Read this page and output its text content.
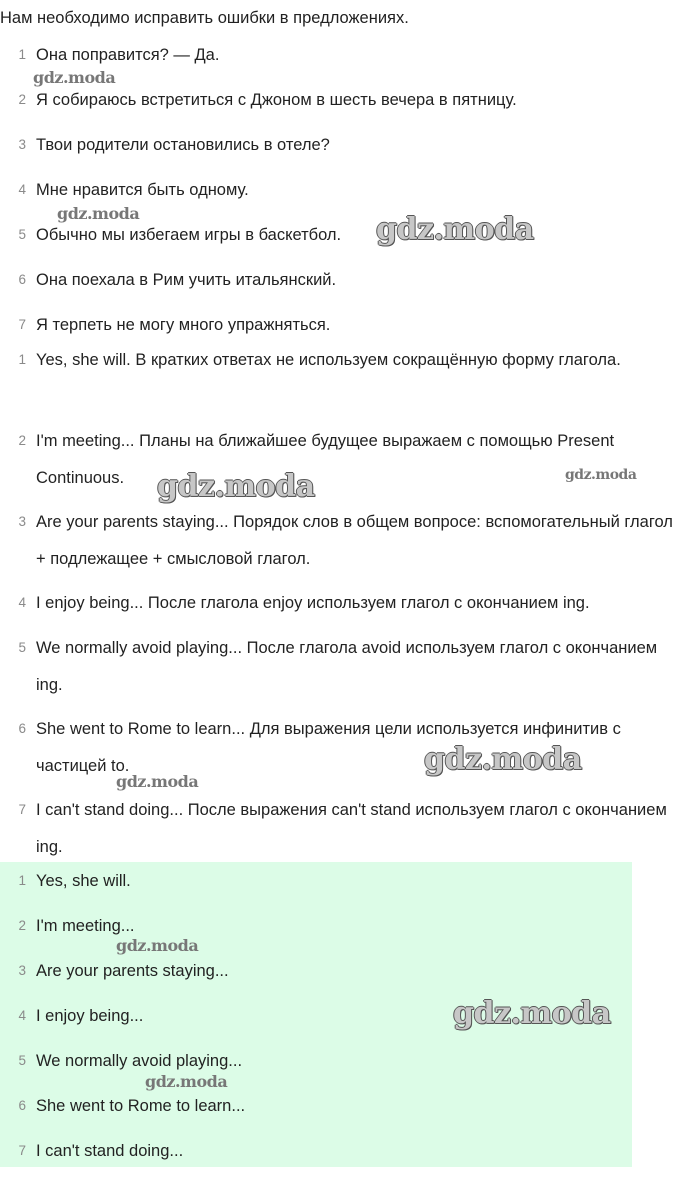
Нам необходимо исправить ошибки в предложениях.
1 Она поправится? — Да.
2 Я собираюсь встретиться с Джоном в шесть вечера в пятницу.
3 Твои родители остановились в отеле?
4 Мне нравится быть одному.
5 Обычно мы избегаем игры в баскетбол.
6 Она поехала в Рим учить итальянский.
7 Я терпеть не могу много упражняться.
1 Yes, she will. В кратких ответах не используем сокращённую форму глагола.
2 I'm meeting... Планы на ближайшее будущее выражаем с помощью Present Continuous.
3 Are your parents staying... Порядок слов в общем вопросе: вспомогательный глагол + подлежащее + смысловой глагол.
4 I enjoy being... После глагола enjoy используем глагол с окончанием ing.
5 We normally avoid playing... После глагола avoid используем глагол с окончанием ing.
6 She went to Rome to learn... Для выражения цели используется инфинитив с частицей to.
7 I can't stand doing... После выражения can't stand используем глагол с окончанием ing.
1 Yes, she will.
2 I'm meeting...
3 Are your parents staying...
4 I enjoy being...
5 We normally avoid playing...
6 She went to Rome to learn...
7 I can't stand doing...
gdz.moda
gdz.moda	gdz.moda
gdz.moda
gdz.moda
gdz.moda
gdz.moda
gdz.moda
gdz.moda
gdz.moda
